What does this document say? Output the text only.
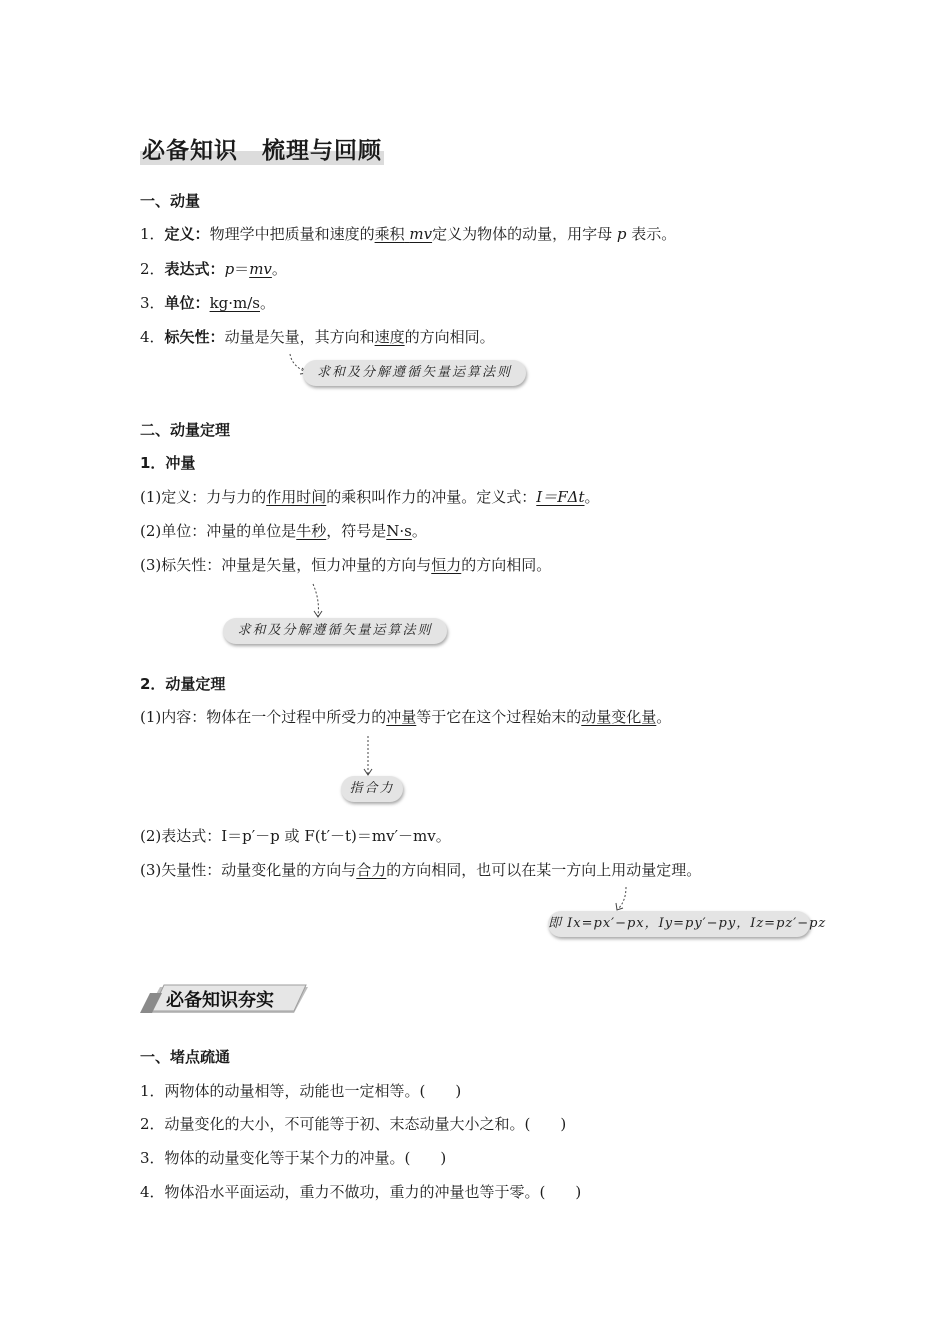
必备知识　梳理与回顾
一、动量
1．定义：物理学中把质量和速度的乘积 mv定义为物体的动量，用字母 p 表示。
2．表达式：p＝mv。
3．单位：kg·m/s。
4．标矢性：动量是矢量，其方向和速度的方向相同。
求和及分解遵循矢量运算法则
二、动量定理
1．冲量
(1)定义：力与力的作用时间的乘积叫作力的冲量。定义式：I＝FΔt。
(2)单位：冲量的单位是牛秒，符号是N·s。
(3)标矢性：冲量是矢量，恒力冲量的方向与恒力的方向相同。
求和及分解遵循矢量运算法则
2．动量定理
(1)内容：物体在一个过程中所受力的冲量等于它在这个过程始末的动量变化量。
指合力
(2)表达式：I＝p′－p 或 F(t′－t)＝mv′－mv。
(3)矢量性：动量变化量的方向与合力的方向相同，也可以在某一方向上用动量定理。
即 Ix=px′−px，Iy=py′−py，Iz=pz′−pz
必备知识夯实
一、堵点疏通
1．两物体的动量相等，动能也一定相等。(　　)
2．动量变化的大小，不可能等于初、末态动量大小之和。(　　)
3．物体的动量变化等于某个力的冲量。(　　)
4．物体沿水平面运动，重力不做功，重力的冲量也等于零。(　　)
